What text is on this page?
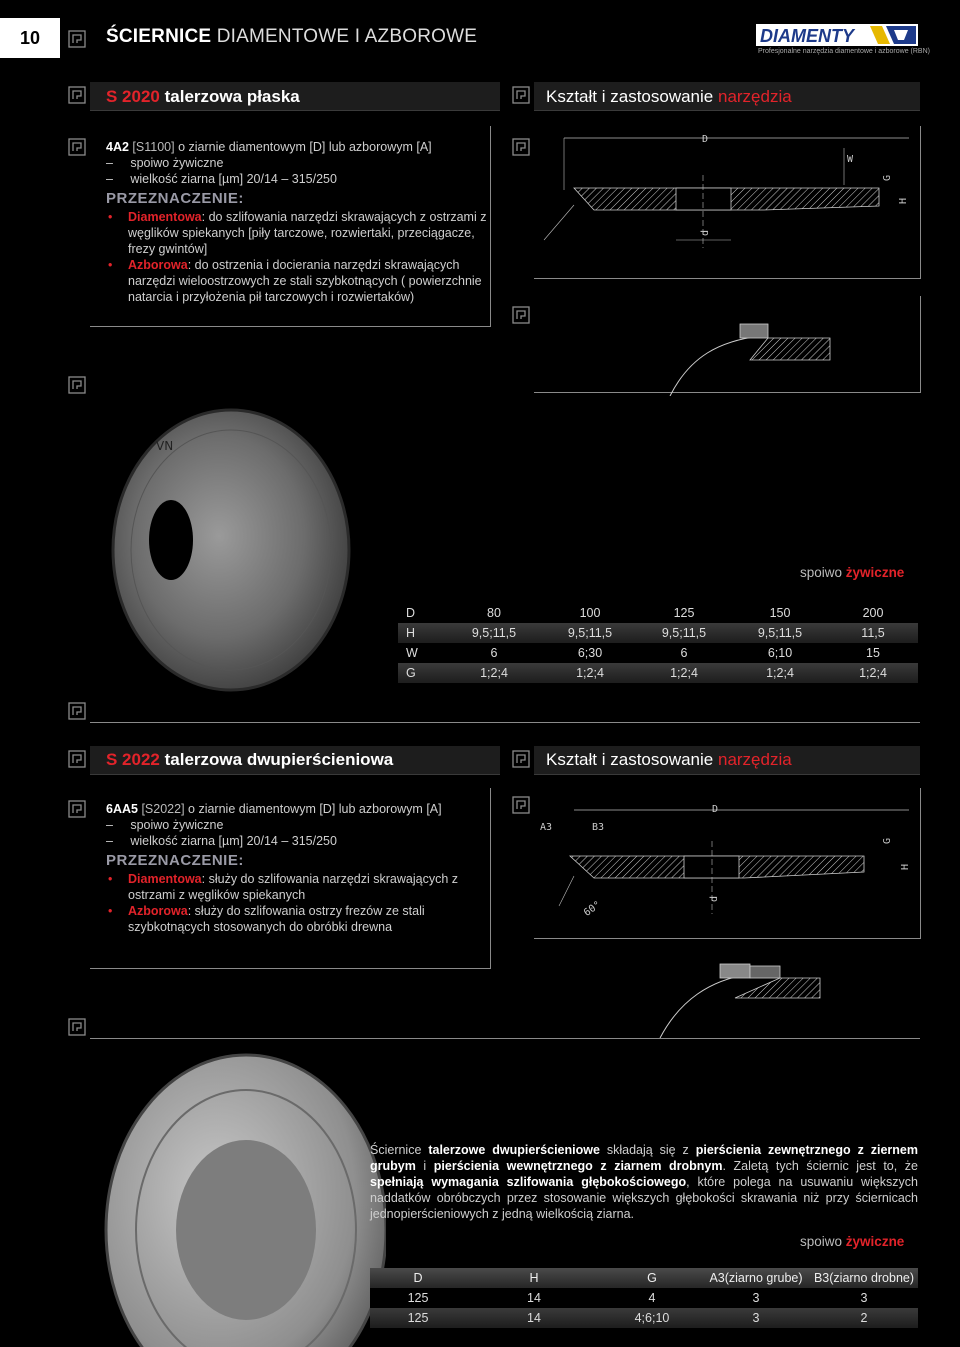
10	ŚCIERNICE DIAMENTOWE I AZBOROWE	DIAMENTY
Profesjonalne narzędzia diamentowe i azborowe (RBN)
S 2020 talerzowa płaska	Kształt i zastosowanie narzędzia
4A2 [S1100] o ziarnie diamentowym [D] lub azborowym [A]
–     spoiwo żywiczne
–     wielkość ziarna [µm] 20/14 – 315/250
PRZEZNACZENIE:
• Diamentowa: do szlifowania narzędzi skrawających z ostrzami z węglików spiekanych [piły tarczowe, rozwiertaki, przeciągacze, frezy gwintów]
• Azborowa: do ostrzenia i docierania narzędzi skrawających narzędzi wieloostrzowych ze stali szybkotnących ( powierzchnie natarcia i przyłożenia pił tarczowych i rozwiertaków)
D
W
G
H
d
VN
spoiwo żywiczne
D	80	100	125	150	200
H	9,5;11,5	9,5;11,5	9,5;11,5	9,5;11,5	11,5
W	6	6;30	6	6;10	15
G	1;2;4	1;2;4	1;2;4	1;2;4	1;2;4
S 2022 talerzowa dwupierścieniowa	Kształt i zastosowanie narzędzia
6AA5 [S2022] o ziarnie diamentowym [D] lub azborowym [A]
–     spoiwo żywiczne
–     wielkość ziarna [µm] 20/14 – 315/250
PRZEZNACZENIE:
• Diamentowa: służy do szlifowania narzędzi skrawających z ostrzami z węglików spiekanych
• Azborowa: służy do szlifowania ostrzy frezów ze stali szybkotnących stosowanych do obróbki drewna
A3	B3
D
G
H
d
60°
Ściernice talerzowe dwupierścieniowe składają się z pierścienia zewnętrznego z ziernem grubym i pierścienia wewnętrznego z ziarnem drobnym. Zaletą tych ściernic jest to, że spełniają wymagania szlifowania głębokościowego, które polega na usuwaniu większych naddatków obróbczych przez stosowanie większych głębokości skrawania niż przy ściernicach jednopierścieniowych z jedną wielkością ziarna.
spoiwo żywiczne
D	H	G	A3(ziarno grube)	B3(ziarno drobne)
125	14	4	3	3
125	14	4;6;10	3	2
